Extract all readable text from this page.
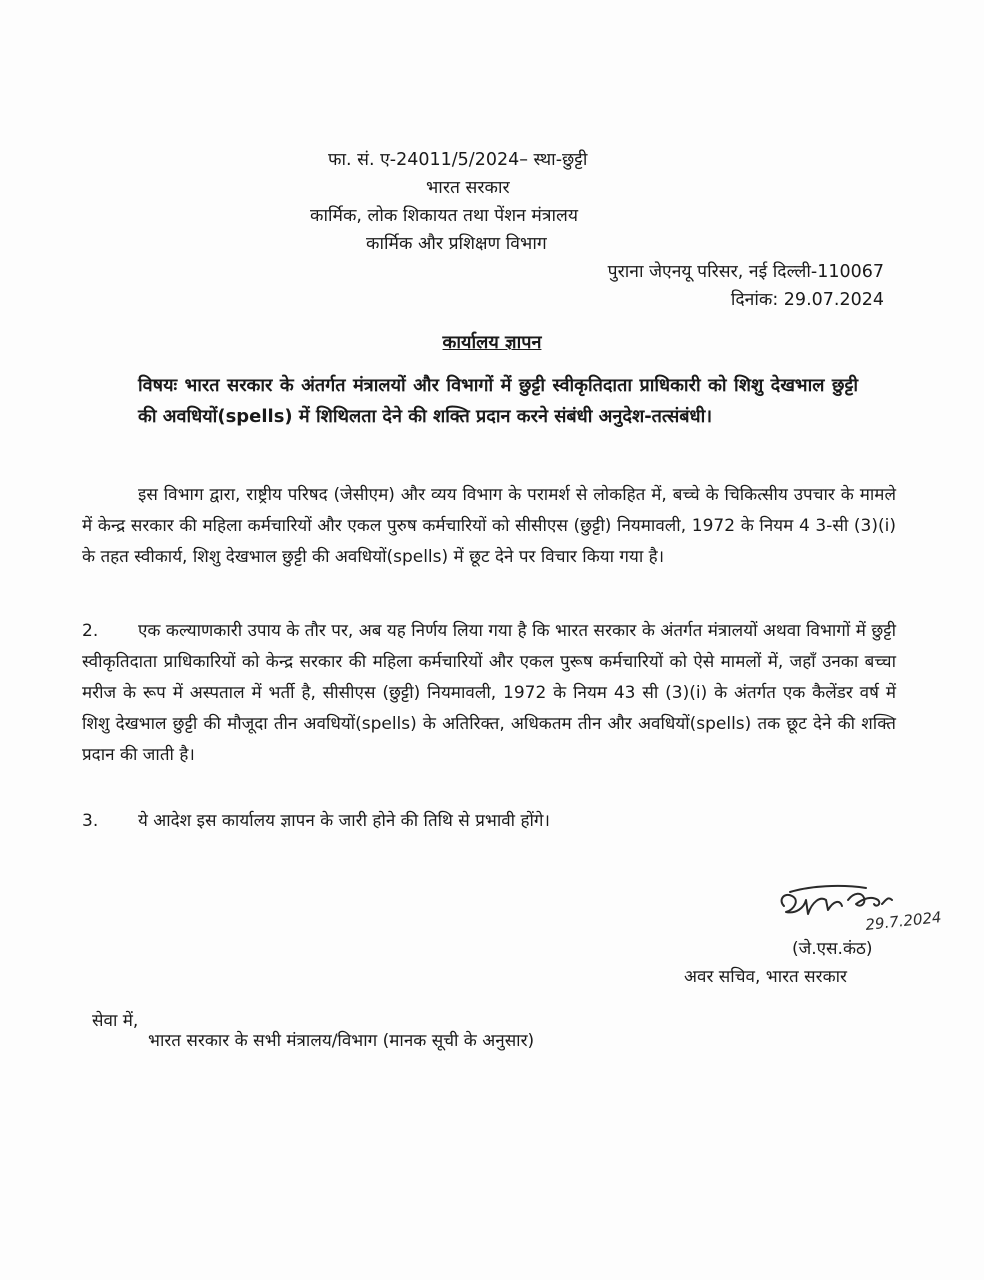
फा. सं. ए-24011/5/2024– स्था-छुट्टी
भारत सरकार
कार्मिक, लोक शिकायत तथा पेंशन मंत्रालय
कार्मिक और प्रशिक्षण विभाग
पुराना जेएनयू परिसर, नई दिल्ली-110067
दिनांक: 29.07.2024
कार्यालय ज्ञापन
विषयः भारत सरकार के अंतर्गत मंत्रालयों और विभागों में छुट्टी स्वीकृतिदाता प्राधिकारी को शिशु देखभाल छुट्टी की अवधियों(spells) में शिथिलता देने की शक्ति प्रदान करने संबंधी अनुदेश-तत्संबंधी।
इस विभाग द्वारा, राष्ट्रीय परिषद (जेसीएम) और व्यय विभाग के परामर्श से लोकहित में, बच्चे के चिकित्सीय उपचार के मामले में केन्द्र सरकार की महिला कर्मचारियों और एकल पुरुष कर्मचारियों को सीसीएस (छुट्टी) नियमावली, 1972 के नियम 4 3-सी (3)(i) के तहत स्वीकार्य, शिशु देखभाल छुट्टी की अवधियों(spells) में छूट देने पर विचार किया गया है।
2. एक कल्याणकारी उपाय के तौर पर, अब यह निर्णय लिया गया है कि भारत सरकार के अंतर्गत मंत्रालयों अथवा विभागों में छुट्टी स्वीकृतिदाता प्राधिकारियों को केन्द्र सरकार की महिला कर्मचारियों और एकल पुरूष कर्मचारियों को ऐसे मामलों में, जहाँ उनका बच्चा मरीज के रूप में अस्पताल में भर्ती है, सीसीएस (छुट्टी) नियमावली, 1972 के नियम 43 सी (3)(i) के अंतर्गत एक कैलेंडर वर्ष में शिशु देखभाल छुट्टी की मौजूदा तीन अवधियों(spells) के अतिरिक्त, अधिकतम तीन और अवधियों(spells) तक छूट देने की शक्ति प्रदान की जाती है।
3. ये आदेश इस कार्यालय ज्ञापन के जारी होने की तिथि से प्रभावी होंगे।
29.7.2024
(जे.एस.कंठ)
अवर सचिव, भारत सरकार
सेवा में,
भारत सरकार के सभी मंत्रालय/विभाग (मानक सूची के अनुसार)
